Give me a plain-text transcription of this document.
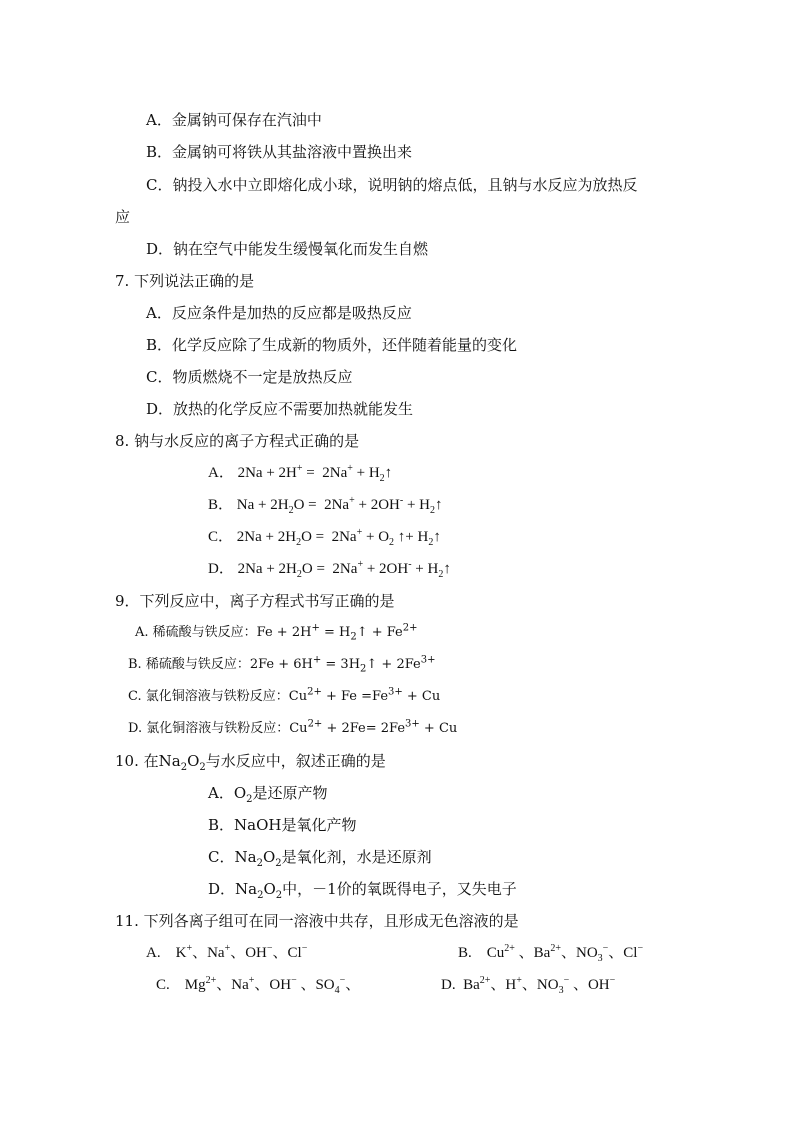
A．金属钠可保存在汽油中
B．金属钠可将铁从其盐溶液中置换出来
C．钠投入水中立即熔化成小球，说明钠的熔点低，且钠与水反应为放热反
应
D．钠在空气中能发生缓慢氧化而发生自燃
7. 下列说法正确的是
A．反应条件是加热的反应都是吸热反应
B．化学反应除了生成新的物质外，还伴随着能量的变化
C．物质燃烧不一定是放热反应
D．放热的化学反应不需要加热就能发生
8. 钠与水反应的离子方程式正确的是
A． $2Na + 2H^+ = 2Na^+ + H_2↑$
B． $Na + 2H_2O = 2Na^+ + 2OH^-$ + $H_2↑$
C． $2Na + 2H_2O = 2Na^+ + O_2$ ↑+ $H_2↑$
D． $2Na + 2H_2O = 2Na^+ + 2OH^-$ + $H_2↑$
9．下列反应中，离子方程式书写正确的是
A. 稀硫酸与铁反应：$Fe + 2H^+ = H_2↑ + Fe^{2+}$
B. 稀硫酸与铁反应：$2Fe + 6H^+ = 3H_2↑ + 2Fe^{3+}$
C. 氯化铜溶液与铁粉反应：$Cu^{2+} + Fe =Fe^{3+} + Cu$
D. 氯化铜溶液与铁粉反应：$Cu^{2+} + 2Fe= 2Fe^{3+} + Cu$
10. 在$Na_2O_2$与水反应中，叙述正确的是
A．$O_2$是还原产物
B．NaOH是氧化产物
C．$Na_2O_2$是氧化剂，水是还原剂
D．$Na_2O_2$中，－1价的氧既得电子，又失电子
11. 下列各离子组可在同一溶液中共存，且形成无色溶液的是
A.    K+、Na+、OH−、Cl−	B.    $Cu^{2+}$ 、$Ba^{2+}$、$NO_3^-$、Cl−
C.    $Mg^{2+}$、Na+、OH− 、$SO_4^-$、	D.  $Ba^{2+}$、H+、$NO_3^-$ 、OH−
